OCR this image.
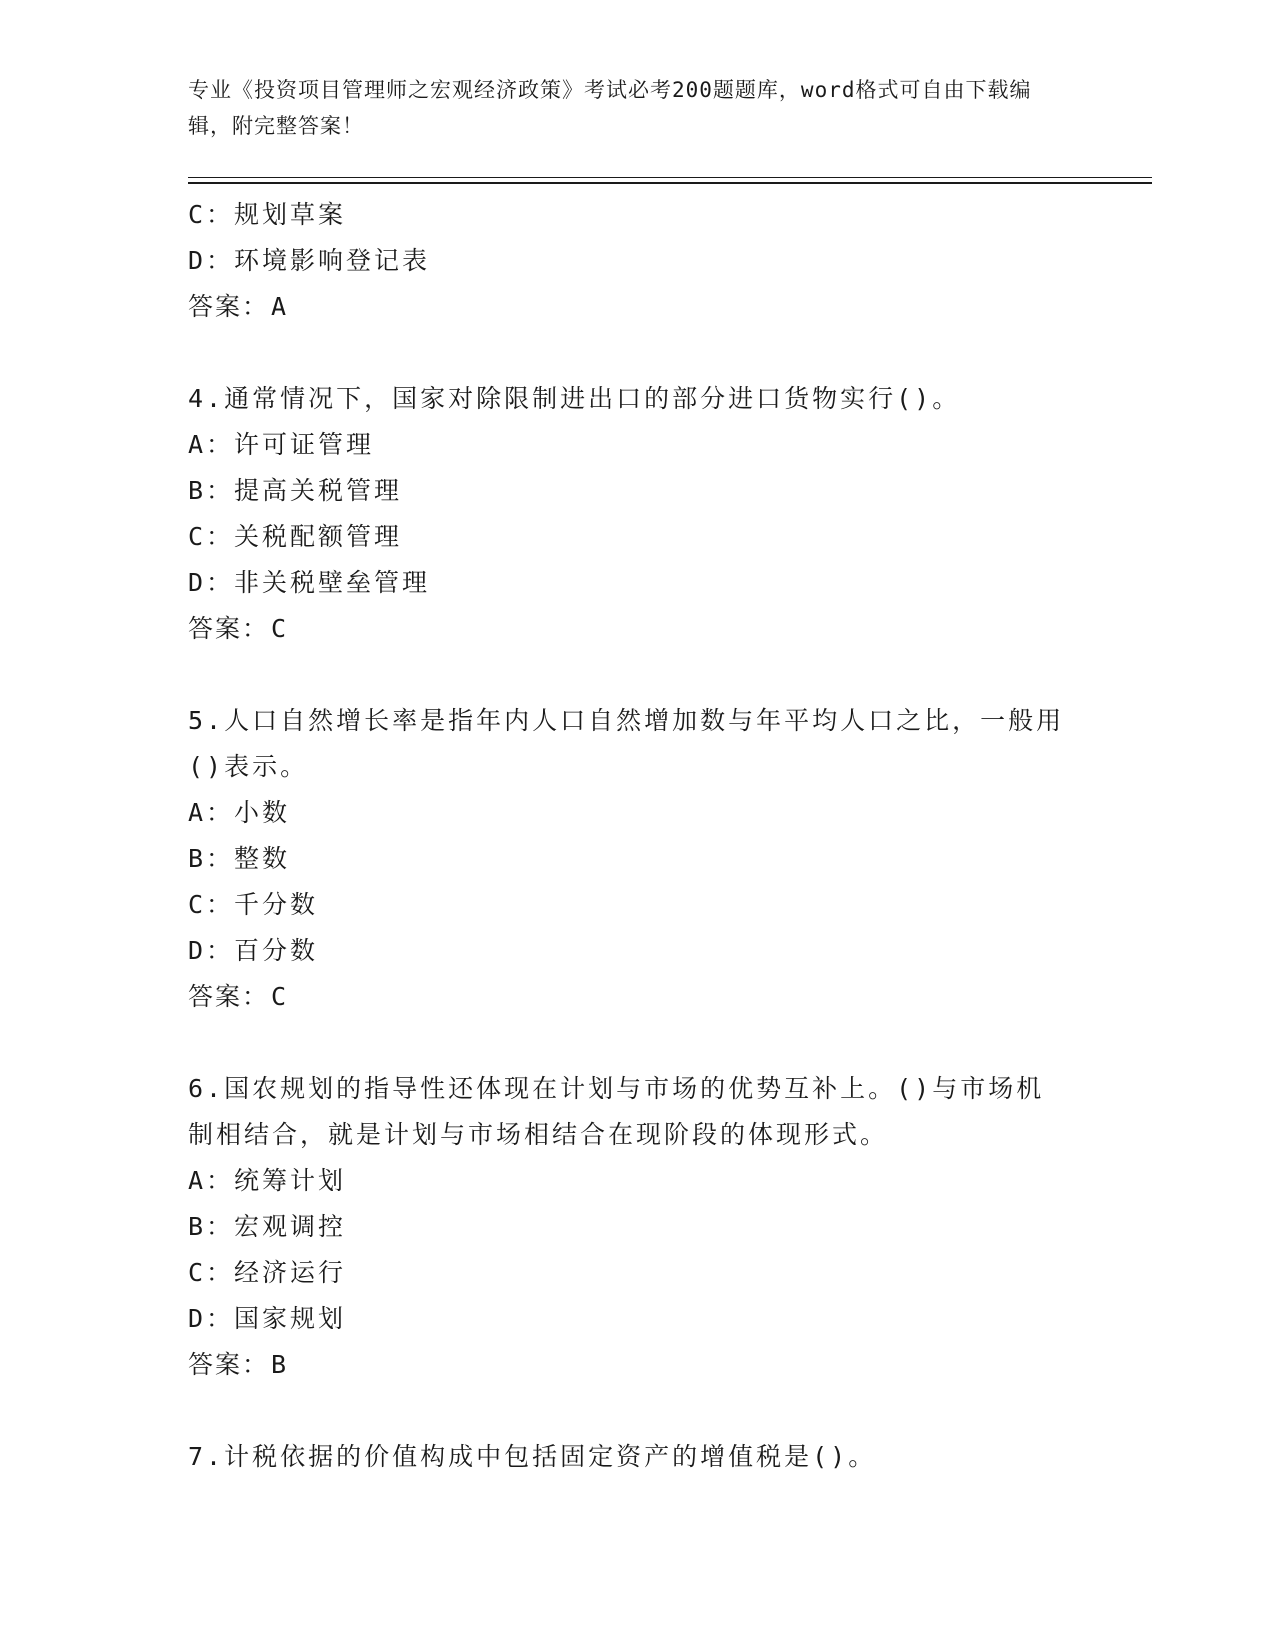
专业《投资项目管理师之宏观经济政策》考试必考200题题库，word格式可自由下载编辑，附完整答案！
C：规划草案
D：环境影响登记表
答案：A
4.通常情况下，国家对除限制进出口的部分进口货物实行()。
A：许可证管理
B：提高关税管理
C：关税配额管理
D：非关税壁垒管理
答案：C
5.人口自然增长率是指年内人口自然增加数与年平均人口之比，一般用()表示。
A：小数
B：整数
C：千分数
D：百分数
答案：C
6.国农规划的指导性还体现在计划与市场的优势互补上。()与市场机制相结合，就是计划与市场相结合在现阶段的体现形式。
A：统筹计划
B：宏观调控
C：经济运行
D：国家规划
答案：B
7.计税依据的价值构成中包括固定资产的增值税是()。
